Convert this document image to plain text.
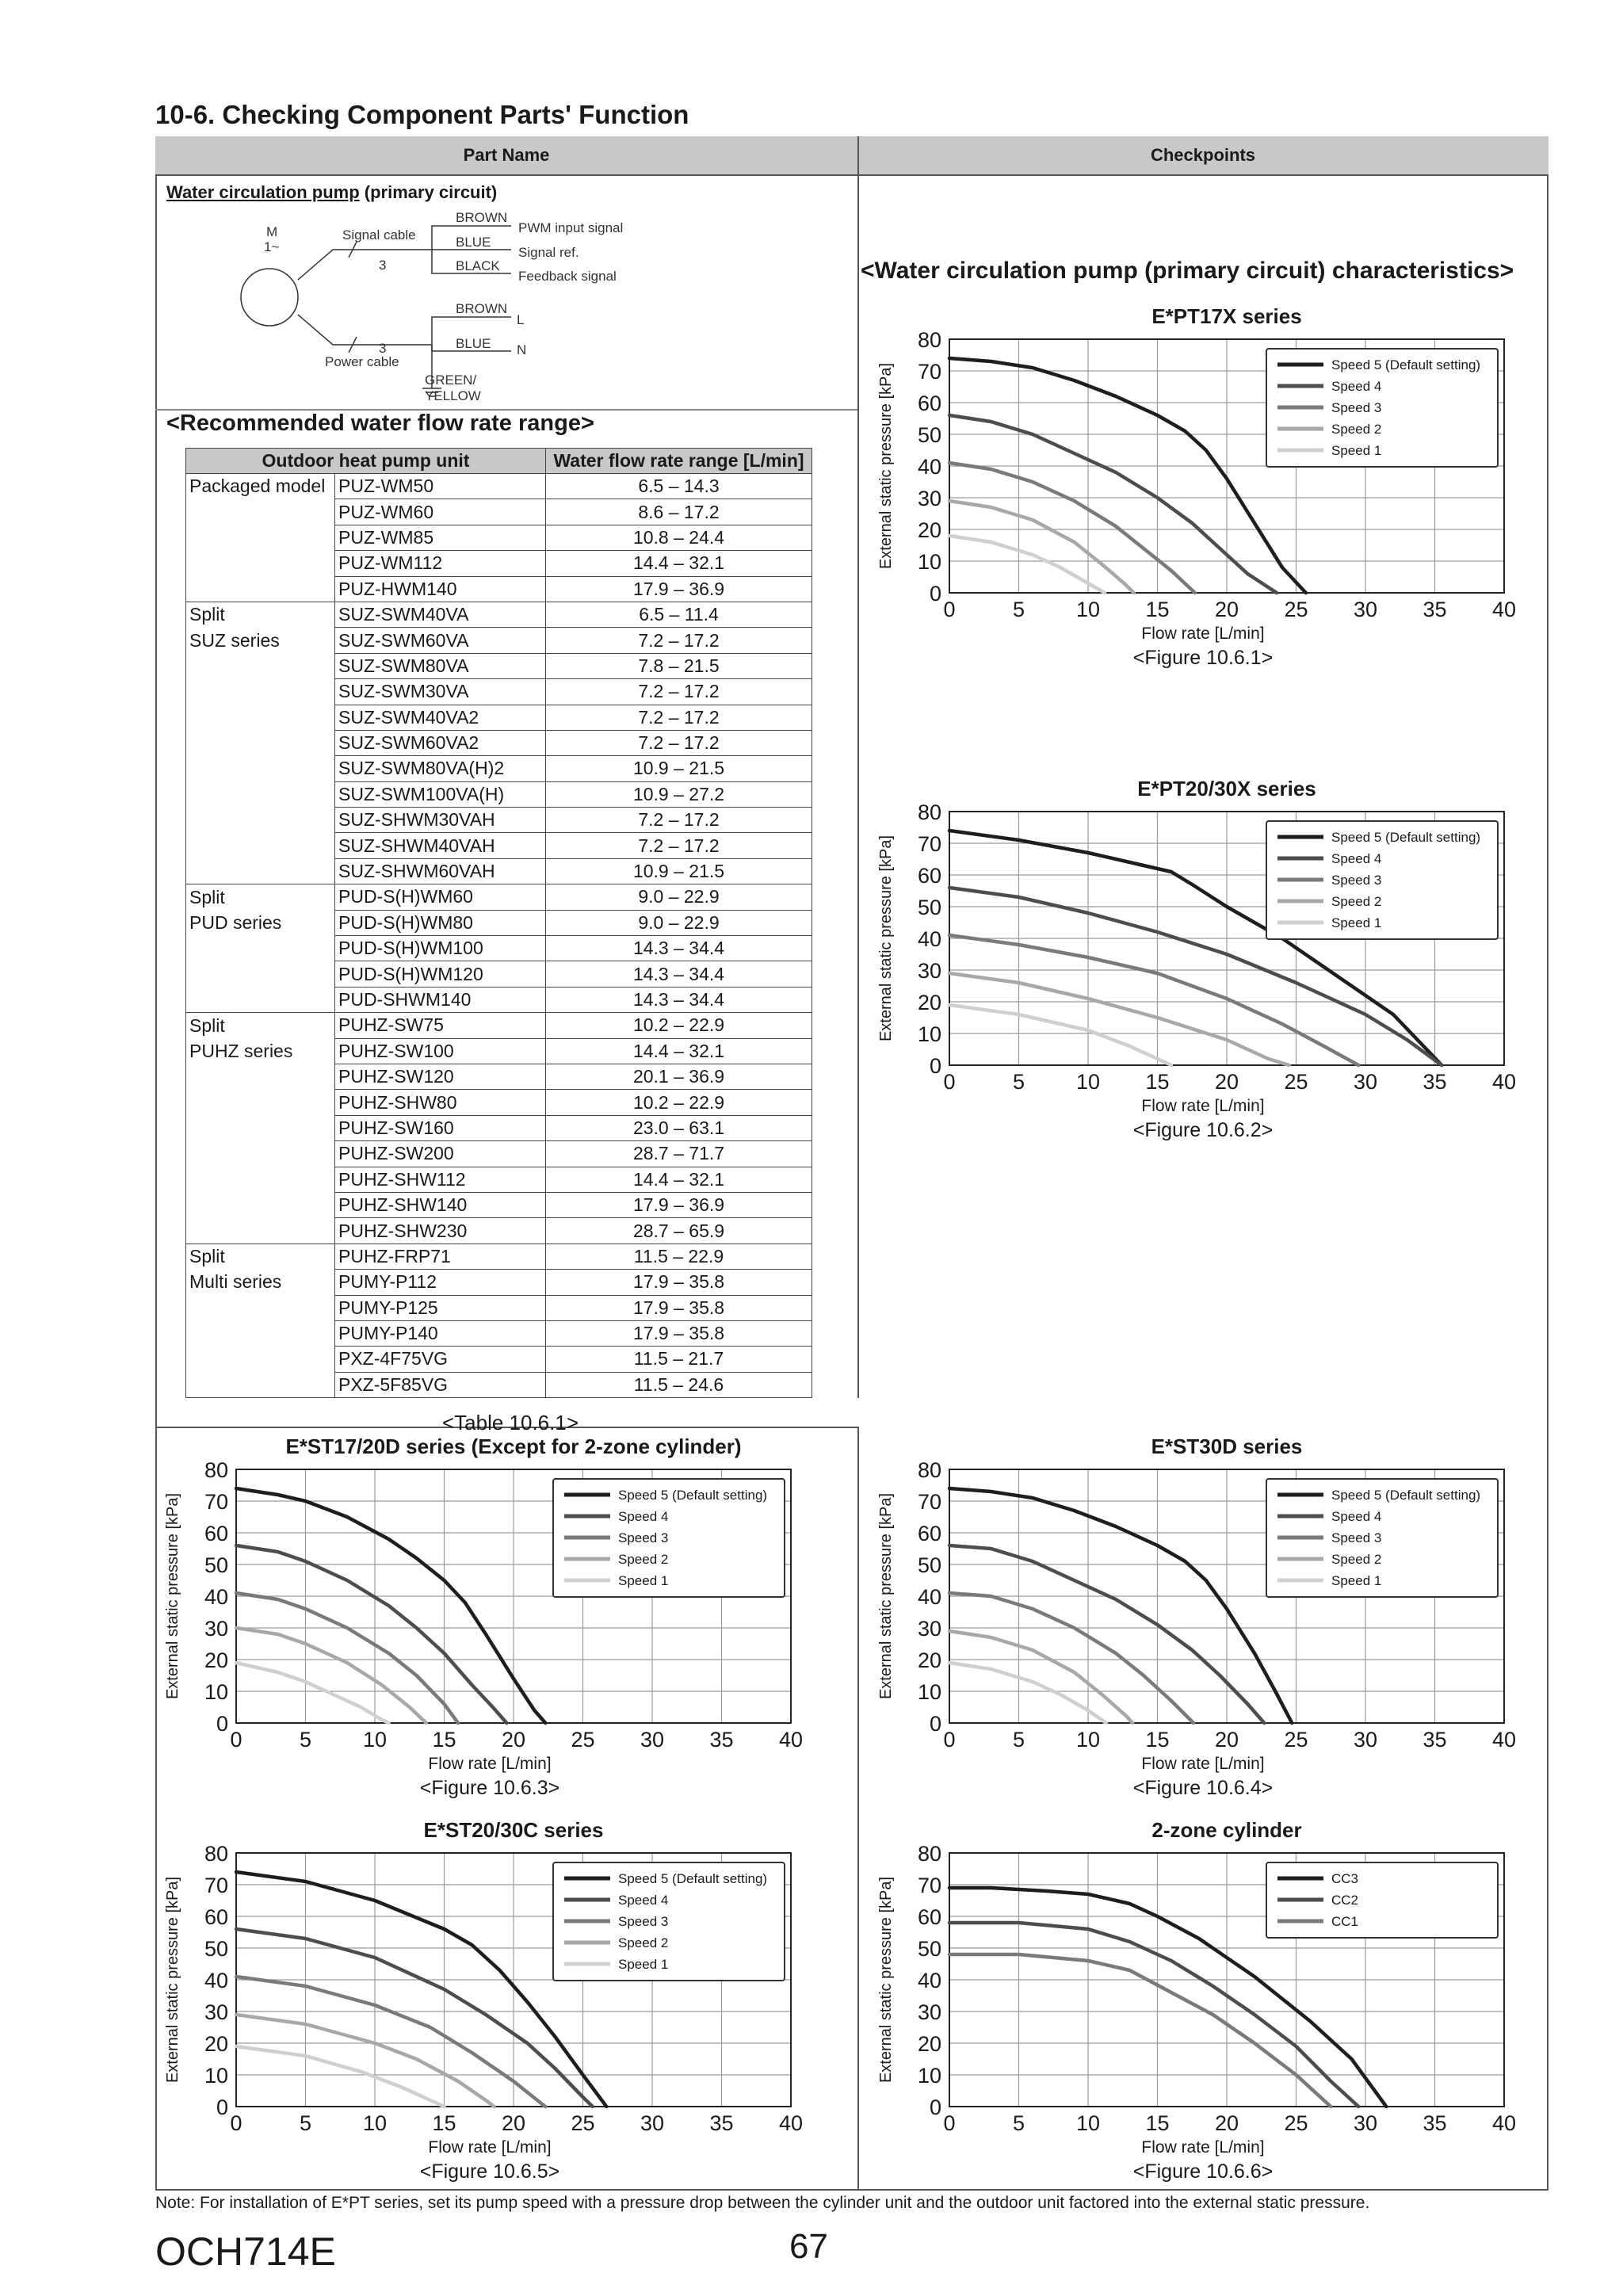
10-6. Checking Component Parts' Function
Part Name	Checkpoints
Water circulation pump (primary circuit)
M
1~
Signal cable
3
BROWN
BLUE
BLACK
PWM input signal
Signal ref.
Feedback signal
BROWN
L
BLUE N
3
Power cable
GREEN/
YELLOW
<Recommended water flow rate range>
Outdoor heat pump unit		Water flow rate range [L/min]
Packaged model	PUZ-WM50	6.5 – 14.3
	PUZ-WM60	8.6 – 17.2
	PUZ-WM85	10.8 – 24.4
	PUZ-WM112	14.4 – 32.1
	PUZ-HWM140	17.9 – 36.9
Split	SUZ-SWM40VA	6.5 – 11.4
SUZ series	SUZ-SWM60VA	7.2 – 17.2
	SUZ-SWM80VA	7.8 – 21.5
	SUZ-SWM30VA	7.2 – 17.2
	SUZ-SWM40VA2	7.2 – 17.2
	SUZ-SWM60VA2	7.2 – 17.2
	SUZ-SWM80VA(H)2	10.9 – 21.5
	SUZ-SWM100VA(H)	10.9 – 27.2
	SUZ-SHWM30VAH	7.2 – 17.2
	SUZ-SHWM40VAH	7.2 – 17.2
	SUZ-SHWM60VAH	10.9 – 21.5
Split	PUD-S(H)WM60	9.0 – 22.9
PUD series	PUD-S(H)WM80	9.0 – 22.9
	PUD-S(H)WM100	14.3 – 34.4
	PUD-S(H)WM120	14.3 – 34.4
	PUD-SHWM140	14.3 – 34.4
Split	PUHZ-SW75	10.2 – 22.9
PUHZ series	PUHZ-SW100	14.4 – 32.1
	PUHZ-SW120	20.1 – 36.9
	PUHZ-SHW80	10.2 – 22.9
	PUHZ-SW160	23.0 – 63.1
	PUHZ-SW200	28.7 – 71.7
	PUHZ-SHW112	14.4 – 32.1
	PUHZ-SHW140	17.9 – 36.9
	PUHZ-SHW230	28.7 – 65.9
Split	PUHZ-FRP71	11.5 – 22.9
Multi series	PUMY-P112	17.9 – 35.8
	PUMY-P125	17.9 – 35.8
	PUMY-P140	17.9 – 35.8
	PXZ-4F75VG	11.5 – 21.7
	PXZ-5F85VG	11.5 – 24.6
<Table 10.6.1>
<Water circulation pump (primary circuit) characteristics>
E*PT17X series
0	5 10 15 20 25 30 35 40
0
10
20
30
40
50
60
70
80
Flow rate [L/min]
External static pressure [kPa]
<Figure 10.6.1>
Speed 5 (Default setting)
Speed 4
Speed 3
Speed 2
Speed 1
E*PT20/30X series
0	5 10 15 20 25 30 35 40
0
10
20
30
40
50
60
70
80
Flow rate [L/min]
External static pressure [kPa]
<Figure 10.6.2>
Speed 5 (Default setting)
Speed 4
Speed 3
Speed 2
Speed 1
E*ST17/20D series (Except for 2-zone cylinder)
0	5 10 15 20 25 30 35 40
0
10
20
30
40
50
60
70
80
Flow rate [L/min]
External static pressure [kPa]
<Figure 10.6.3>
Speed 5 (Default setting)
Speed 4
Speed 3
Speed 2
Speed 1
E*ST30D series
0	5 10 15 20 25 30 35 40
0
10
20
30
40
50
60
70
80
Flow rate [L/min]
External static pressure [kPa]
<Figure 10.6.4>
Speed 5 (Default setting)
Speed 4
Speed 3
Speed 2
Speed 1
E*ST20/30C series
0	5 10 15 20 25 30 35 40
0
10
20
30
40
50
60
70
80
Flow rate [L/min]
External static pressure [kPa]
<Figure 10.6.5>
Speed 5 (Default setting)
Speed 4
Speed 3
Speed 2
Speed 1
2-zone cylinder
0	5 10 15 20 25 30 35 40
0
10
20
30
40
50
60
70
80
Flow rate [L/min]
External static pressure [kPa]
<Figure 10.6.6>
CC3
CC2
CC1
Note: For installation of E*PT series, set its pump speed with a pressure drop between the cylinder unit and the outdoor unit factored into the external static pressure.
OCH714E	67
